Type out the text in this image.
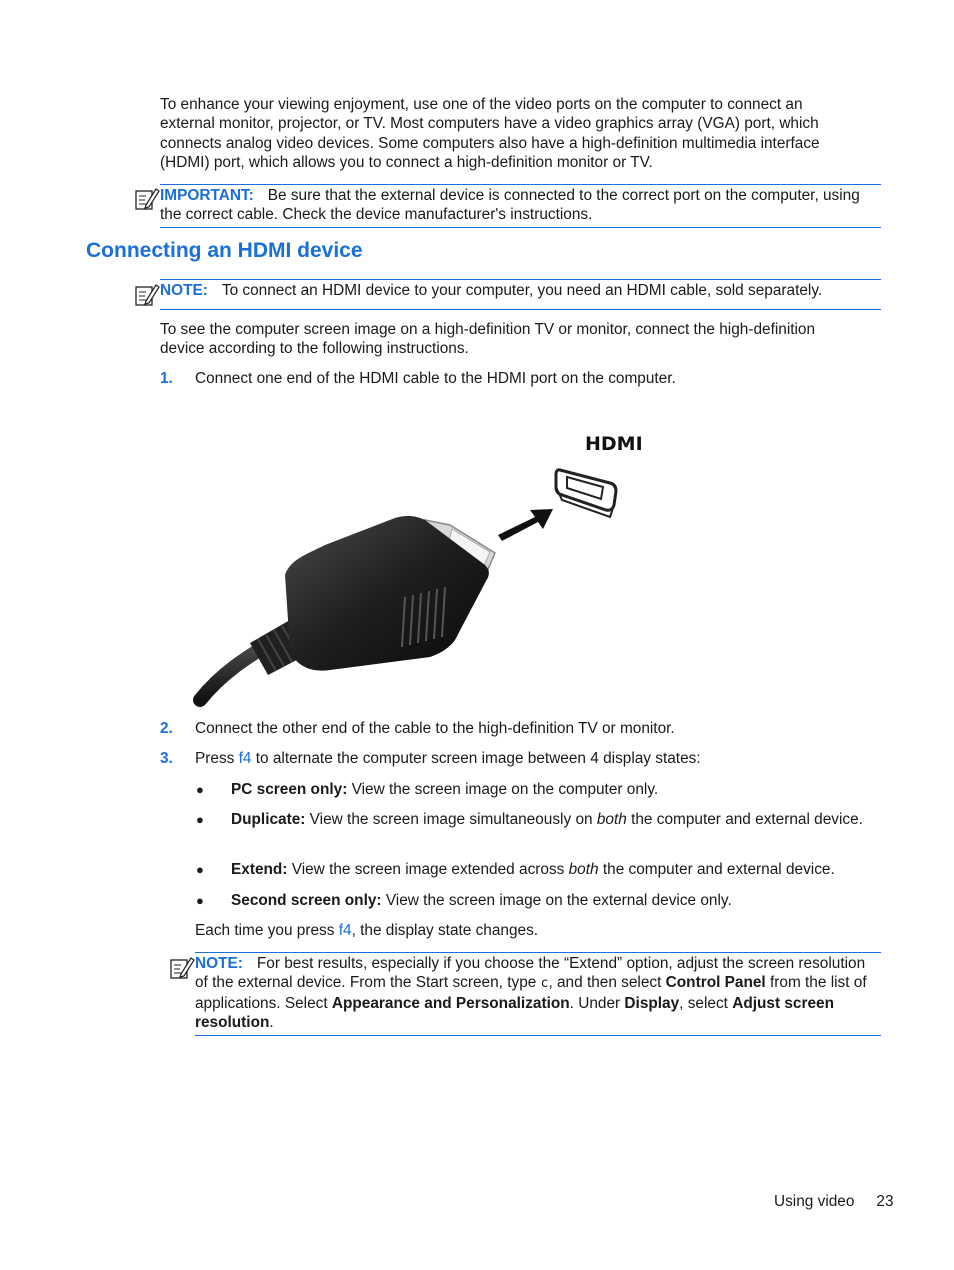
To enhance your viewing enjoyment, use one of the video ports on the computer to connect an external monitor, projector, or TV. Most computers have a video graphics array (VGA) port, which connects analog video devices. Some computers also have a high-definition multimedia interface (HDMI) port, which allows you to connect a high-definition monitor or TV.
IMPORTANT: Be sure that the external device is connected to the correct port on the computer, using the correct cable. Check the device manufacturer's instructions.
Connecting an HDMI device
NOTE: To connect an HDMI device to your computer, you need an HDMI cable, sold separately.
To see the computer screen image on a high-definition TV or monitor, connect the high-definition device according to the following instructions.
1. Connect one end of the HDMI cable to the HDMI port on the computer.
HDMI
2. Connect the other end of the cable to the high-definition TV or monitor.
3. Press f4 to alternate the computer screen image between 4 display states:
● PC screen only: View the screen image on the computer only.
● Duplicate: View the screen image simultaneously on both the computer and external device.
● Extend: View the screen image extended across both the computer and external device.
● Second screen only: View the screen image on the external device only.
Each time you press f4, the display state changes.
NOTE: For best results, especially if you choose the “Extend” option, adjust the screen resolution of the external device. From the Start screen, type c, and then select Control Panel from the list of applications. Select Appearance and Personalization. Under Display, select Adjust screen resolution.
Using video 23
